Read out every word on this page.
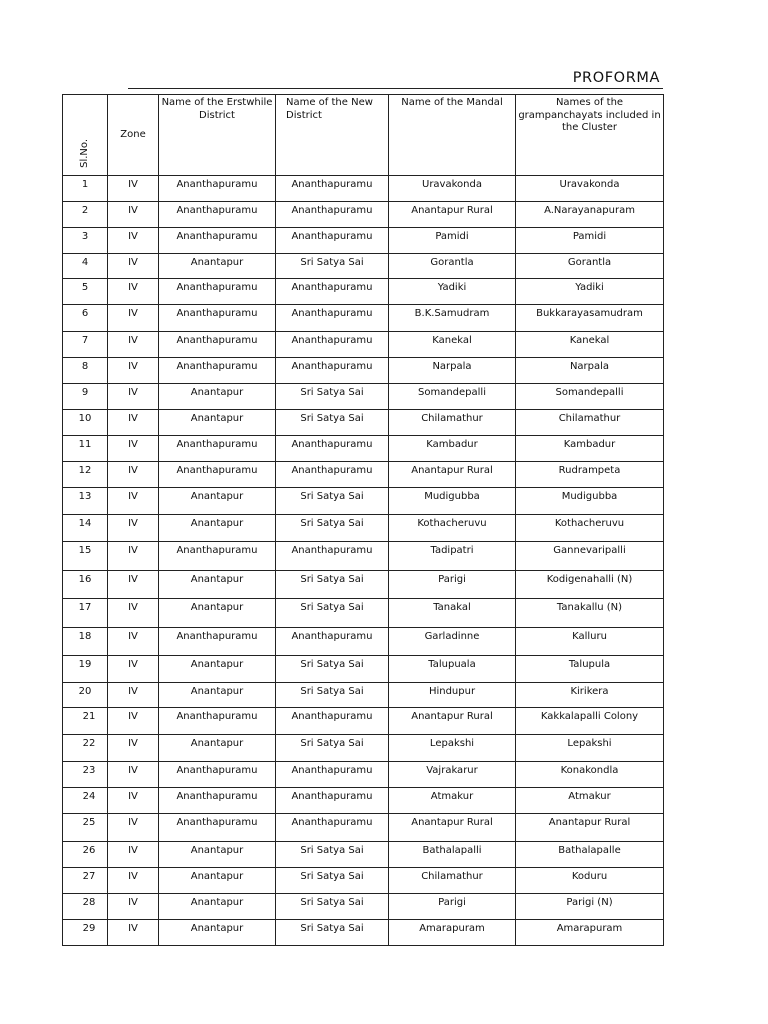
PROFORMA
Sl.No.	Zone	Name of the Erstwhile District	Name of the New District	Name of the Mandal	Names of the grampanchayats included in the Cluster
1	IV	Ananthapuramu	Ananthapuramu	Uravakonda	Uravakonda
2	IV	Ananthapuramu	Ananthapuramu	Anantapur Rural	A.Narayanapuram
3	IV	Ananthapuramu	Ananthapuramu	Pamidi	Pamidi
4	IV	Anantapur	Sri Satya Sai	Gorantla	Gorantla
5	IV	Ananthapuramu	Ananthapuramu	Yadiki	Yadiki
6	IV	Ananthapuramu	Ananthapuramu	B.K.Samudram	Bukkarayasamudram
7	IV	Ananthapuramu	Ananthapuramu	Kanekal	Kanekal
8	IV	Ananthapuramu	Ananthapuramu	Narpala	Narpala
9	IV	Anantapur	Sri Satya Sai	Somandepalli	Somandepalli
10	IV	Anantapur	Sri Satya Sai	Chilamathur	Chilamathur
11	IV	Ananthapuramu	Ananthapuramu	Kambadur	Kambadur
12	IV	Ananthapuramu	Ananthapuramu	Anantapur Rural	Rudrampeta
13	IV	Anantapur	Sri Satya Sai	Mudigubba	Mudigubba
14	IV	Anantapur	Sri Satya Sai	Kothacheruvu	Kothacheruvu
15	IV	Ananthapuramu	Ananthapuramu	Tadipatri	Gannevaripalli
16	IV	Anantapur	Sri Satya Sai	Parigi	Kodigenahalli (N)
17	IV	Anantapur	Sri Satya Sai	Tanakal	Tanakallu (N)
18	IV	Ananthapuramu	Ananthapuramu	Garladinne	Kalluru
19	IV	Anantapur	Sri Satya Sai	Talupuala	Talupula
20	IV	Anantapur	Sri Satya Sai	Hindupur	Kirikera
21	IV	Ananthapuramu	Ananthapuramu	Anantapur Rural	Kakkalapalli Colony
22	IV	Anantapur	Sri Satya Sai	Lepakshi	Lepakshi
23	IV	Ananthapuramu	Ananthapuramu	Vajrakarur	Konakondla
24	IV	Ananthapuramu	Ananthapuramu	Atmakur	Atmakur
25	IV	Ananthapuramu	Ananthapuramu	Anantapur Rural	Anantapur Rural
26	IV	Anantapur	Sri Satya Sai	Bathalapalli	Bathalapalle
27	IV	Anantapur	Sri Satya Sai	Chilamathur	Koduru
28	IV	Anantapur	Sri Satya Sai	Parigi	Parigi (N)
29	IV	Anantapur	Sri Satya Sai	Amarapuram	Amarapuram
